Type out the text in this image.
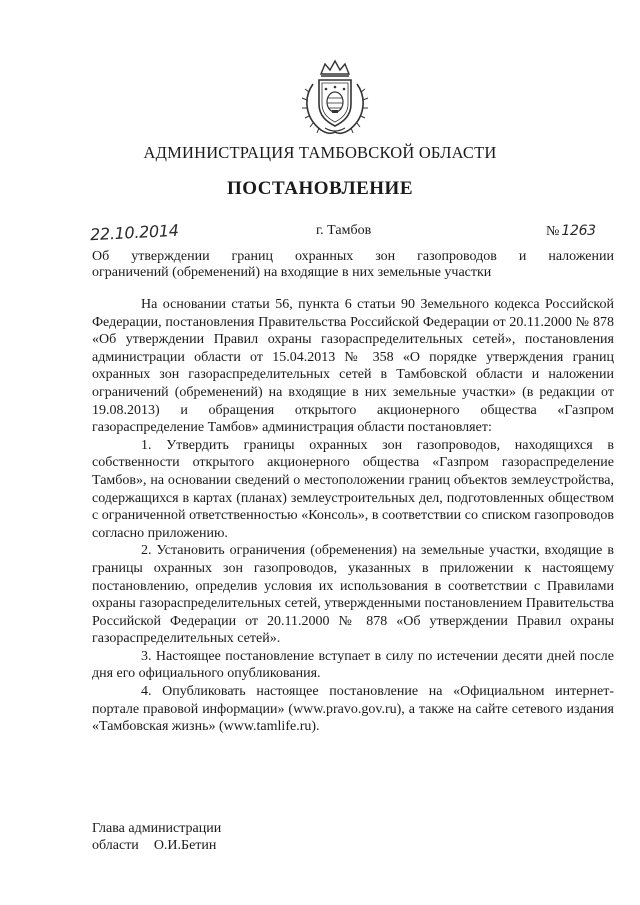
АДМИНИСТРАЦИЯ ТАМБОВСКОЙ ОБЛАСТИ
ПОСТАНОВЛЕНИЕ
22.10.2014	г. Тамбов	№ 1263
Об утверждении границ охранных зон газопроводов и наложении
ограничений (обременений) на входящие в них земельные участки

На основании статьи 56, пункта 6 статьи 90 Земельного кодекса Российской Федерации, постановления Правительства Российской Федерации от 20.11.2000 № 878 «Об утверждении Правил охраны газораспределительных сетей», постановления администрации области от 15.04.2013 № 358 «О порядке утверждения границ охранных зон газораспределительных сетей в Тамбовской области и наложении ограничений (обременений) на входящие в них земельные участки» (в редакции от 19.08.2013) и обращения открытого акционерного общества «Газпром газораспределение Тамбов» администрация области постановляет:

1. Утвердить границы охранных зон газопроводов, находящихся в собственности открытого акционерного общества «Газпром газораспределение Тамбов», на основании сведений о местоположении границ объектов землеустройства, содержащихся в картах (планах) землеустроительных дел, подготовленных обществом с ограниченной ответственностью «Консоль», в соответствии со списком газопроводов согласно приложению.

2. Установить ограничения (обременения) на земельные участки, входящие в границы охранных зон газопроводов, указанных в приложении к настоящему постановлению, определив условия их использования в соответствии с Правилами охраны газораспределительных сетей, утвержденными постановлением Правительства Российской Федерации от 20.11.2000 № 878 «Об утверждении Правил охраны газораспределительных сетей».

3. Настоящее постановление вступает в силу по истечении десяти дней после дня его официального опубликования.

4. Опубликовать настоящее постановление на «Официальном интернет-портале правовой информации» (www.pravo.gov.ru), а также на сайте сетевого издания «Тамбовская жизнь» (www.tamlife.ru).

Глава администрации
области О.И.Бетин
